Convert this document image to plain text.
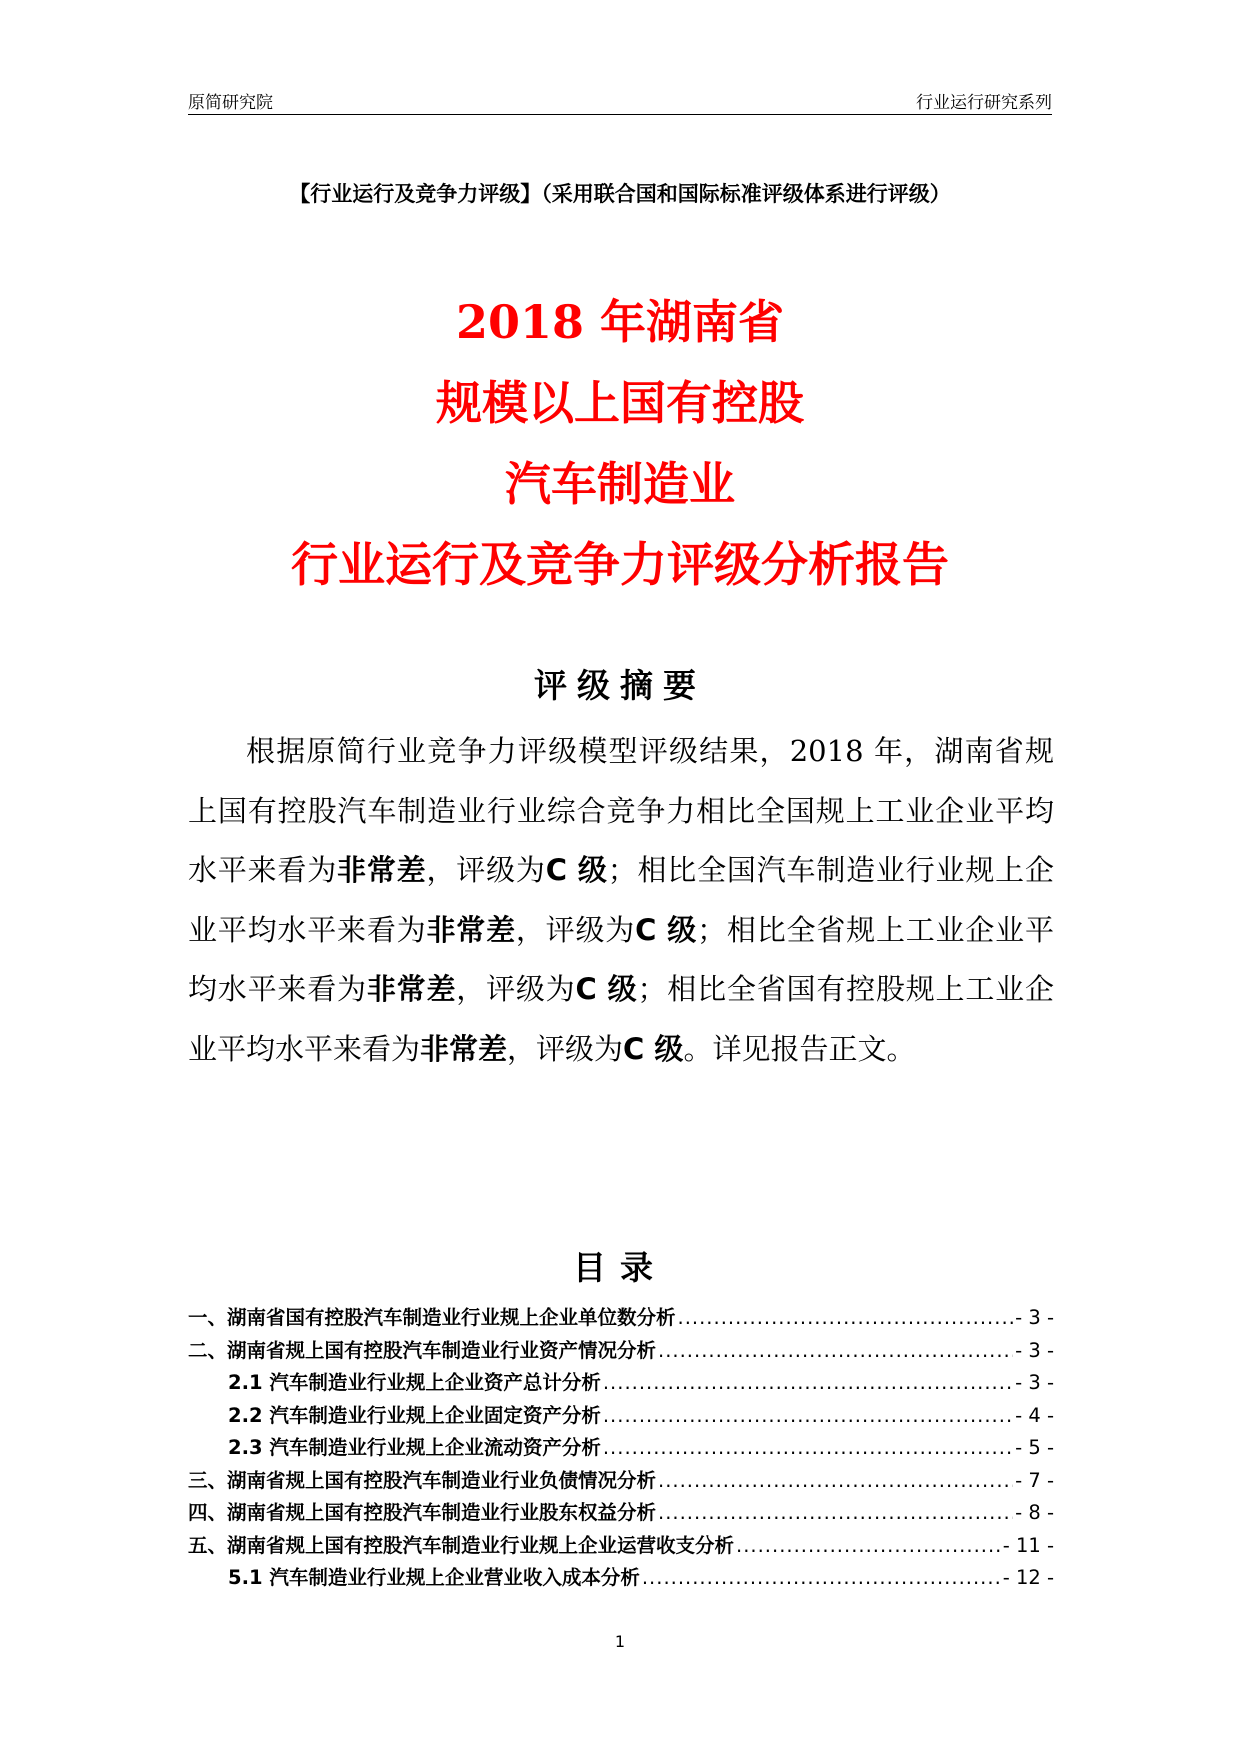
原简研究院	行业运行研究系列
【行业运行及竞争力评级】（采用联合国和国际标准评级体系进行评级）
2018 年湖南省
规模以上国有控股
汽车制造业
行业运行及竞争力评级分析报告
评级摘要

根据原简行业竞争力评级模型评级结果，2018 年，湖南省规上国有控股汽车制造业行业综合竞争力相比全国规上工业企业平均水平来看为非常差，评级为C 级；相比全国汽车制造业行业规上企业平均水平来看为非常差，评级为C 级；相比全省规上工业企业平均水平来看为非常差，评级为C 级；相比全省国有控股规上工业企业平均水平来看为非常差，评级为C 级。详见报告正文。

目录
一、湖南省国有控股汽车制造业行业规上企业单位数分析 .....	- 3 -
二、湖南省规上国有控股汽车制造业行业资产情况分析 .....	- 3 -
2.1 汽车制造业行业规上企业资产总计分析 .....	- 3 -
2.2 汽车制造业行业规上企业固定资产分析 .....	- 4 -
2.3 汽车制造业行业规上企业流动资产分析 .....	- 5 -
三、湖南省规上国有控股汽车制造业行业负债情况分析 .....	- 7 -
四、湖南省规上国有控股汽车制造业行业股东权益分析 .....	- 8 -
五、湖南省规上国有控股汽车制造业行业规上企业运营收支分析 .....	- 11 -
5.1 汽车制造业行业规上企业营业收入成本分析 .....	- 12 -
1
